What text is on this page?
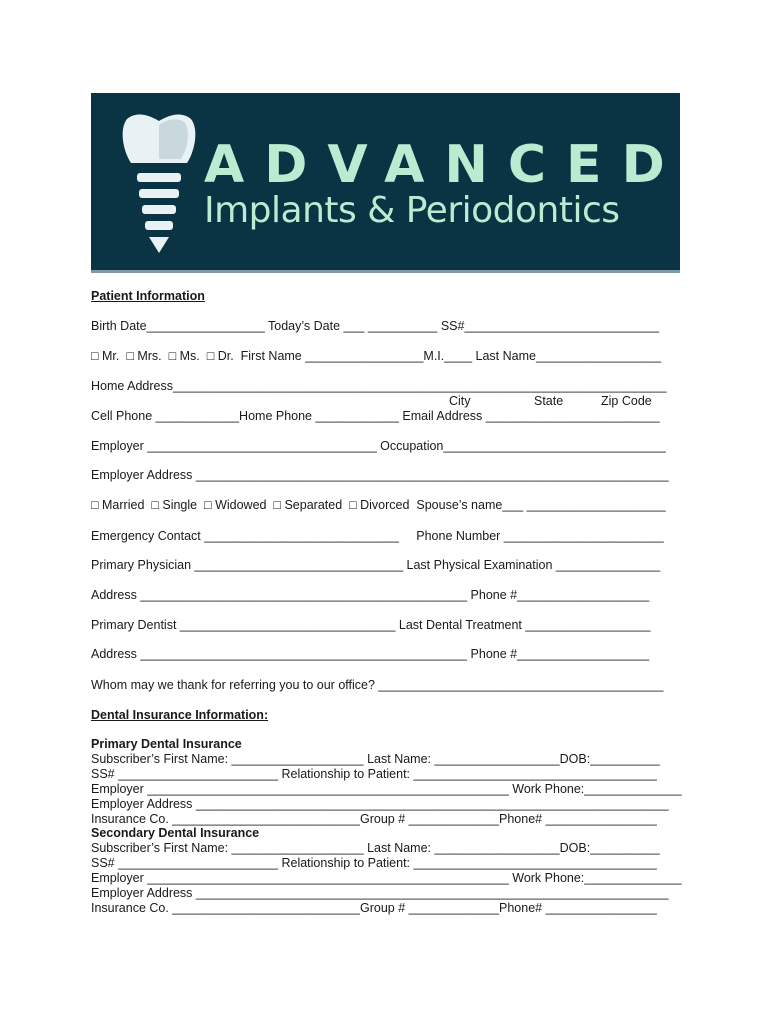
ADVANCED
Implants & Periodontics
Patient Information
Birth Date_________________ Today’s Date ___ __________ SS#____________________________
□ Mr.  □ Mrs.  □ Ms.  □ Dr.  First Name _________________M.I.____ Last Name__________________
Home Address_______________________________________________________________________
City	State	Zip Code
Cell Phone ____________Home Phone ____________ Email Address _________________________
Employer _________________________________ Occupation________________________________
Employer Address ____________________________________________________________________
□ Married  □ Single  □ Widowed  □ Separated  □ Divorced  Spouse’s name___ ____________________
Emergency Contact ____________________________     Phone Number _______________________
Primary Physician ______________________________ Last Physical Examination _______________
Address _______________________________________________ Phone #___________________
Primary Dentist _______________________________ Last Dental Treatment __________________
Address _______________________________________________ Phone #___________________
Whom may we thank for referring you to our office? _________________________________________
Dental Insurance Information:
Primary Dental Insurance
Subscriber’s First Name: ___________________ Last Name: __________________DOB:__________
SS# _______________________ Relationship to Patient: ___________________________________
Employer ____________________________________________________ Work Phone:______________
Employer Address ____________________________________________________________________
Insurance Co. ___________________________Group # _____________Phone# ________________
Secondary Dental Insurance
Subscriber’s First Name: ___________________ Last Name: __________________DOB:__________
SS# _______________________ Relationship to Patient: ___________________________________
Employer ____________________________________________________ Work Phone:______________
Employer Address ____________________________________________________________________
Insurance Co. ___________________________Group # _____________Phone# ________________
